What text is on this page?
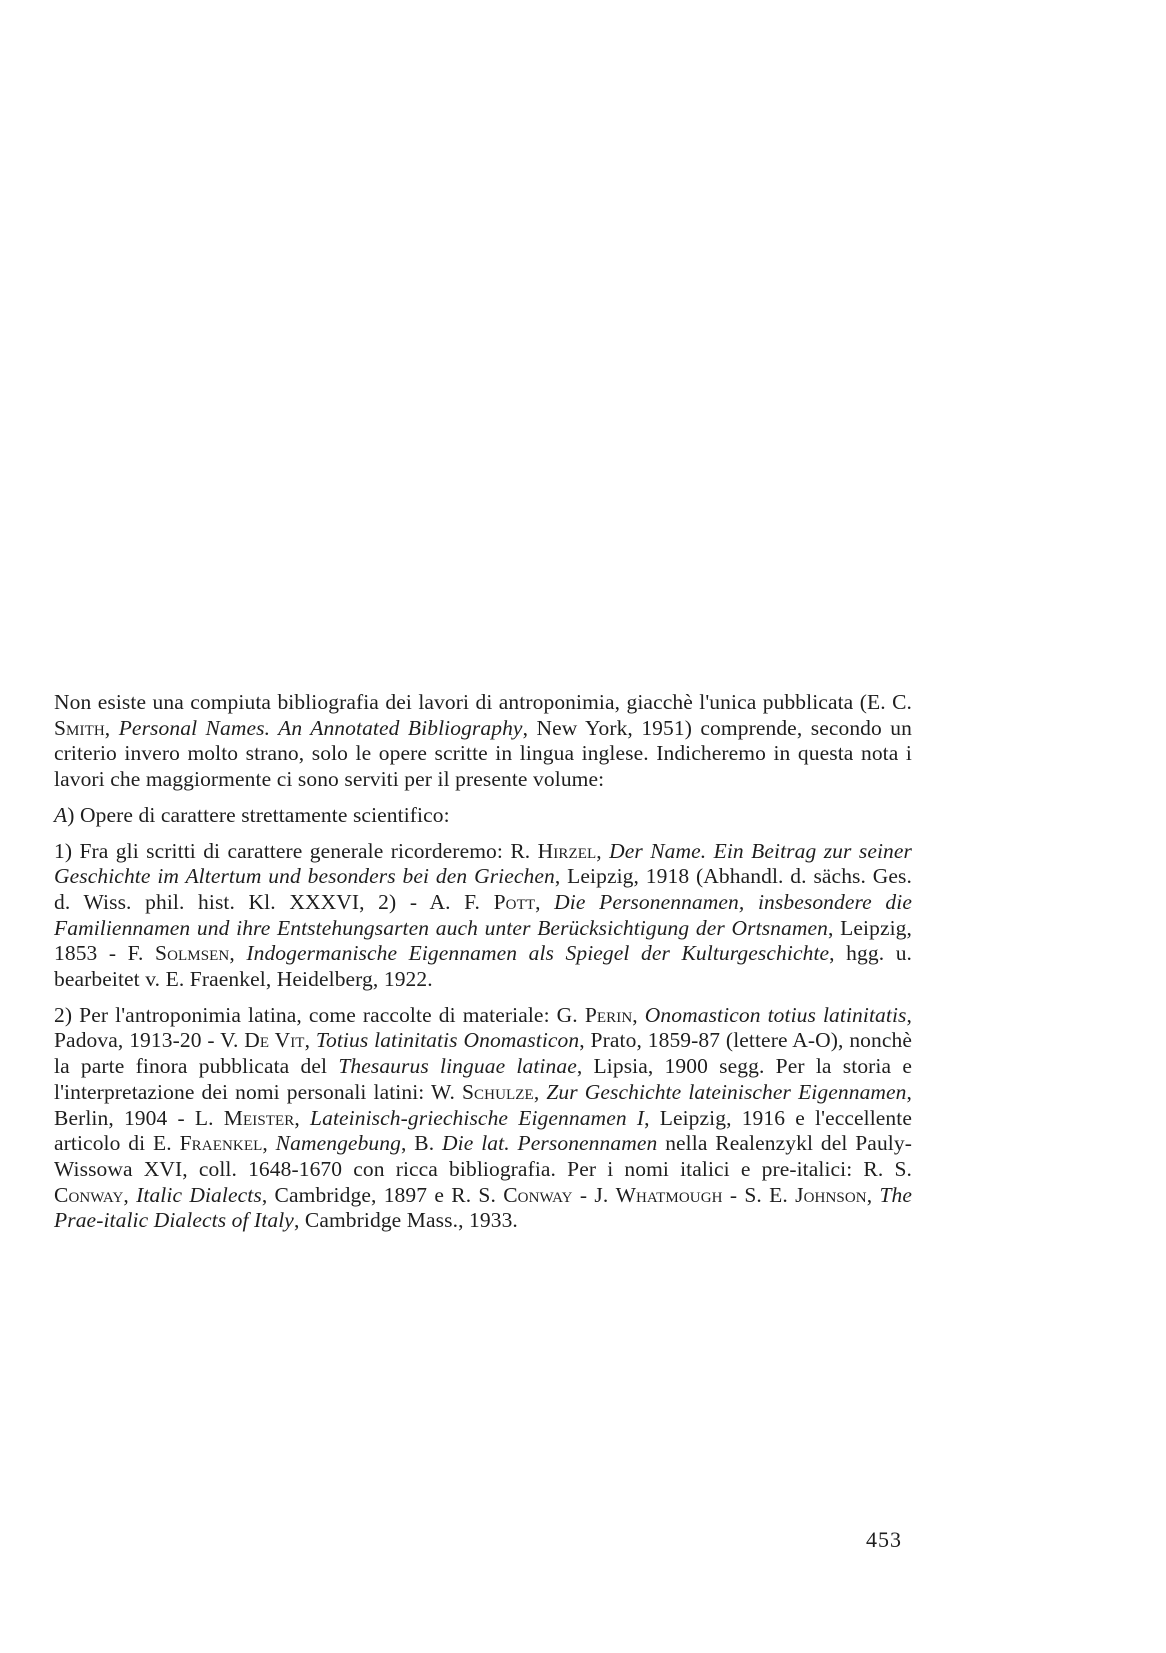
Non esiste una compiuta bibliografia dei lavori di antroponimia, giacchè l'unica pubblicata (E. C. Smith, Personal Names. An Annotated Bibliography, New York, 1951) comprende, secondo un criterio invero molto strano, solo le opere scritte in lingua inglese. Indicheremo in questa nota i lavori che maggiormente ci sono serviti per il presente volume:

A) Opere di carattere strettamente scientifico:

1) Fra gli scritti di carattere generale ricorderemo: R. Hirzel, Der Name. Ein Beitrag zur seiner Geschichte im Altertum und besonders bei den Griechen, Leipzig, 1918 (Abhandl. d. sächs. Ges. d. Wiss. phil. hist. Kl. XXXVI, 2) - A. F. Pott, Die Personennamen, insbesondere die Familiennamen und ihre Entstehungsarten auch unter Berücksichtigung der Ortsnamen, Leipzig, 1853 - F. Solmsen, Indogermanische Eigennamen als Spiegel der Kulturgeschichte, hgg. u. bearbeitet v. E. Fraenkel, Heidelberg, 1922.

2) Per l'antroponimia latina, come raccolte di materiale: G. Perin, Onomasticon totius latinitatis, Padova, 1913-20 - V. De Vit, Totius latinitatis Onomasticon, Prato, 1859-87 (lettere A-O), nonchè la parte finora pubblicata del Thesaurus linguae latinae, Lipsia, 1900 segg. Per la storia e l'interpretazione dei nomi personali latini: W. Schulze, Zur Geschichte lateinischer Eigennamen, Berlin, 1904 - L. Meister, Lateinisch-griechische Eigennamen I, Leipzig, 1916 e l'eccellente articolo di E. Fraenkel, Namengebung, B. Die lat. Personennamen nella Realenzykl del Pauly-Wissowa XVI, coll. 1648-1670 con ricca bibliografia. Per i nomi italici e pre-italici: R. S. Conway, Italic Dialects, Cambridge, 1897 e R. S. Conway - J. Whatmough - S. E. Johnson, The Prae-italic Dialects of Italy, Cambridge Mass., 1933.

453
